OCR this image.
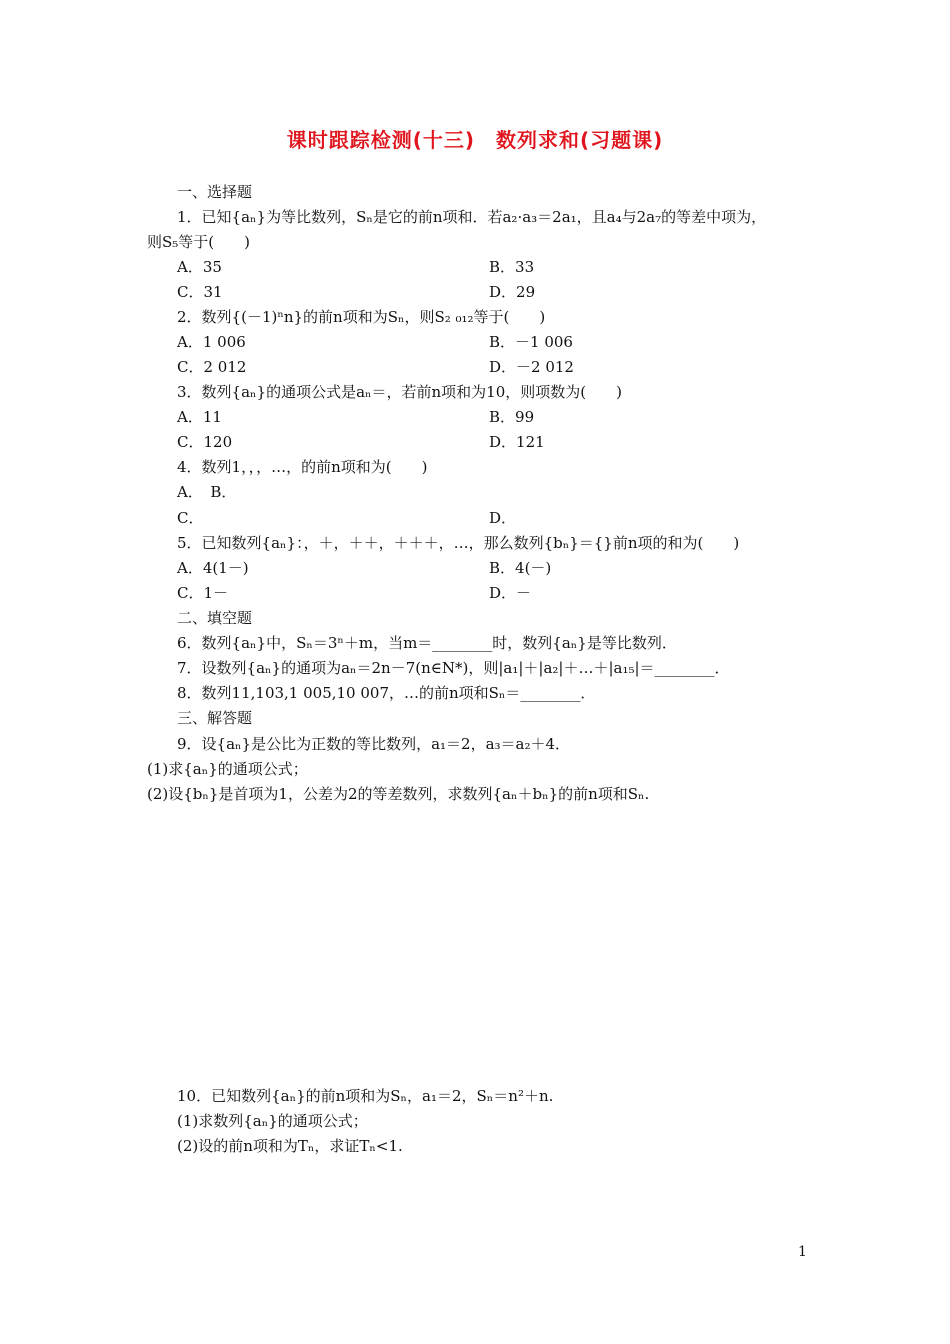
课时跟踪检测(十三)　数列求和(习题课)
一、选择题
1．已知{aₙ}为等比数列，Sₙ是它的前n项和．若a₂·a₃＝2a₁，且a₄与2a₇的等差中项为，
则S₅等于(　　)
A．35	B．33
C．31	D．29
2．数列{(－1)ⁿn}的前n项和为Sₙ，则S₂ ₀₁₂等于(　　)
A．1 006	B．－1 006
C．2 012	D．－2 012
3．数列{aₙ}的通项公式是aₙ＝，若前n项和为10，则项数为(　　)
A．11	B．99
C．120	D．121
4．数列1，，，…，的前n项和为(　　)
A．　B．
C．	D．
5．已知数列{aₙ}：，＋，＋＋，＋＋＋，…，那么数列{bₙ}＝{}前n项的和为(　　)
A．4(1－)	B．4(－)
C．1－	D．－
二、填空题
6．数列{aₙ}中，Sₙ＝3ⁿ＋m，当m＝________时，数列{aₙ}是等比数列．
7．设数列{aₙ}的通项为aₙ＝2n－7(n∈N*)，则|a₁|＋|a₂|＋…＋|a₁₅|＝________．
8．数列11,103,1 005,10 007，…的前n项和Sₙ＝________．
三、解答题
9．设{aₙ}是公比为正数的等比数列，a₁＝2，a₃＝a₂＋4．
(1)求{aₙ}的通项公式；
(2)设{bₙ}是首项为1，公差为2的等差数列，求数列{aₙ＋bₙ}的前n项和Sₙ.
10．已知数列{aₙ}的前n项和为Sₙ，a₁＝2，Sₙ＝n²＋n.
(1)求数列{aₙ}的通项公式；
(2)设的前n项和为Tₙ，求证Tₙ<1.
1
